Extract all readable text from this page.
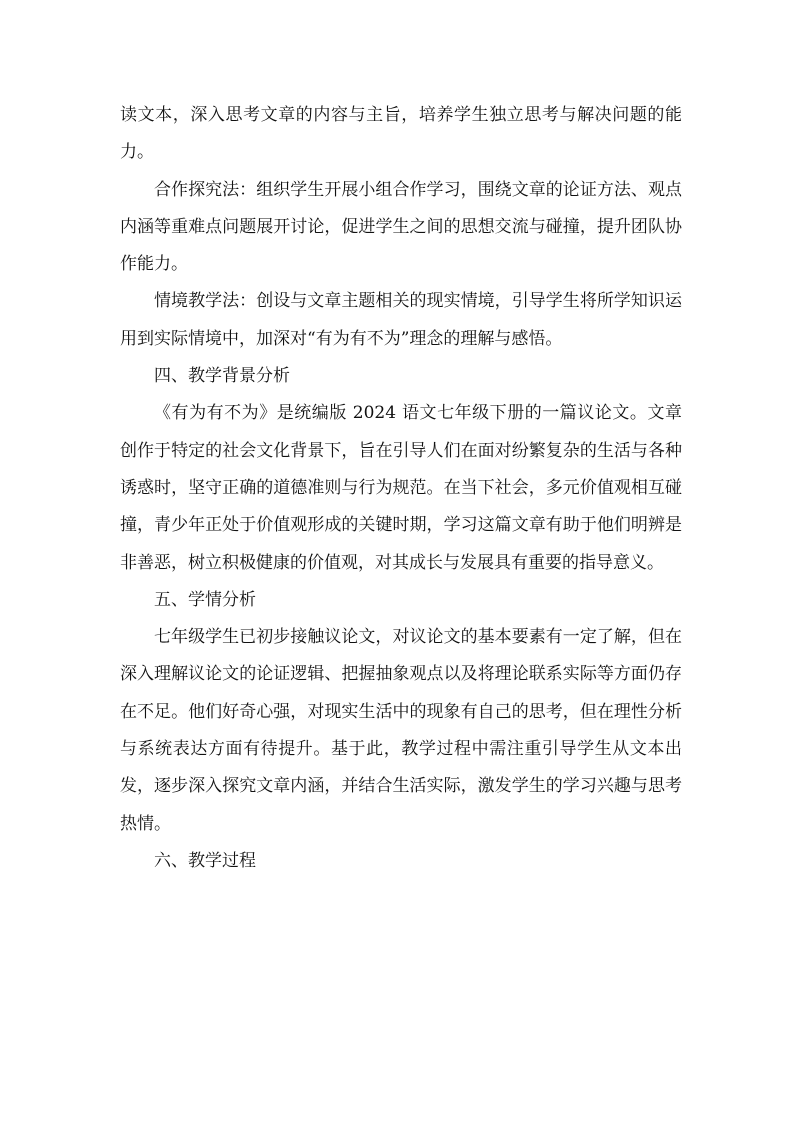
读文本，深入思考文章的内容与主旨，培养学生独立思考与解决问题的能力。

合作探究法：组织学生开展小组合作学习，围绕文章的论证方法、观点内涵等重难点问题展开讨论，促进学生之间的思想交流与碰撞，提升团队协作能力。

情境教学法：创设与文章主题相关的现实情境，引导学生将所学知识运用到实际情境中，加深对“有为有不为”理念的理解与感悟。

四、教学背景分析

《有为有不为》是统编版 2024 语文七年级下册的一篇议论文。文章创作于特定的社会文化背景下，旨在引导人们在面对纷繁复杂的生活与各种诱惑时，坚守正确的道德准则与行为规范。在当下社会，多元价值观相互碰撞，青少年正处于价值观形成的关键时期，学习这篇文章有助于他们明辨是非善恶，树立积极健康的价值观，对其成长与发展具有重要的指导意义。

五、学情分析

七年级学生已初步接触议论文，对议论文的基本要素有一定了解，但在深入理解议论文的论证逻辑、把握抽象观点以及将理论联系实际等方面仍存在不足。他们好奇心强，对现实生活中的现象有自己的思考，但在理性分析与系统表达方面有待提升。基于此，教学过程中需注重引导学生从文本出发，逐步深入探究文章内涵，并结合生活实际，激发学生的学习兴趣与思考热情。

六、教学过程
